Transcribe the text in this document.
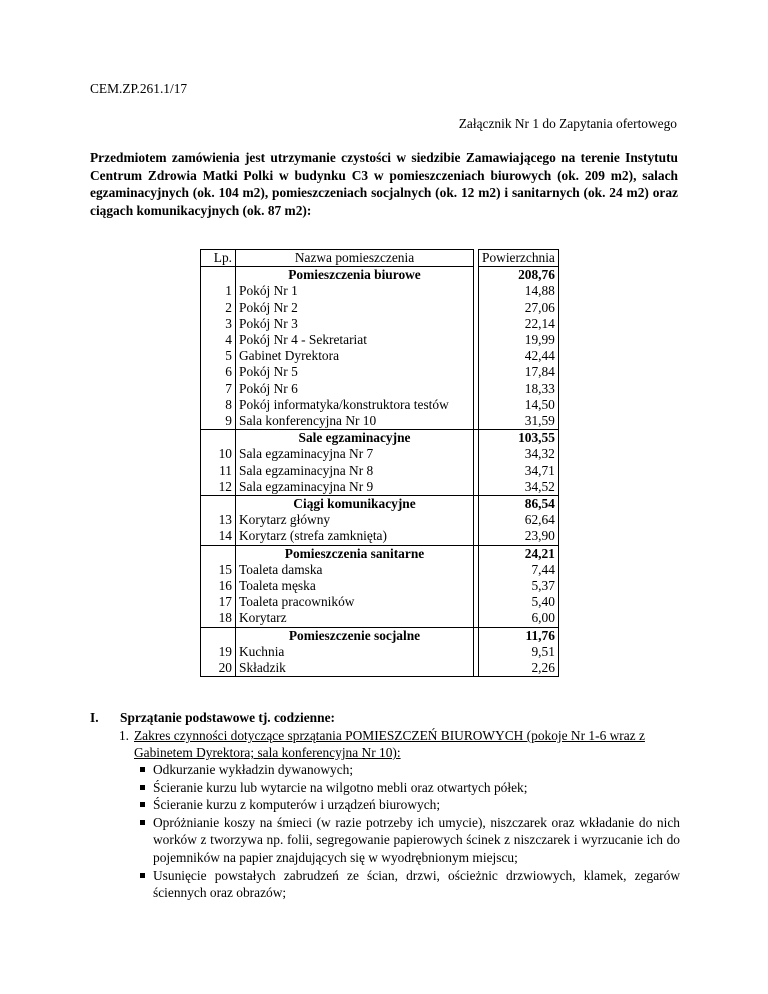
CEM.ZP.261.1/17
Załącznik Nr 1 do Zapytania ofertowego
Przedmiotem zamówienia jest utrzymanie czystości w siedzibie Zamawiającego na terenie Instytutu Centrum Zdrowia Matki Polki w budynku C3 w pomieszczeniach biurowych (ok. 209 m2), salach egzaminacyjnych (ok. 104 m2), pomieszczeniach socjalnych (ok. 12 m2) i sanitarnych (ok. 24 m2) oraz ciągach komunikacyjnych (ok. 87 m2):
Lp.	Nazwa pomieszczenia		Powierzchnia
	Pomieszczenia biurowe		208,76
1	Pokój Nr 1		14,88
2	Pokój Nr 2		27,06
3	Pokój Nr 3		22,14
4	Pokój Nr 4 - Sekretariat		19,99
5	Gabinet Dyrektora		42,44
6	Pokój Nr 5		17,84
7	Pokój Nr 6		18,33
8	Pokój informatyka/konstruktora testów		14,50
9	Sala konferencyjna Nr 10		31,59
	Sale egzaminacyjne		103,55
10	Sala egzaminacyjna Nr 7		34,32
11	Sala egzaminacyjna Nr 8		34,71
12	Sala egzaminacyjna Nr 9		34,52
	Ciągi komunikacyjne		86,54
13	Korytarz główny		62,64
14	Korytarz (strefa zamknięta)		23,90
	Pomieszczenia sanitarne		24,21
15	Toaleta damska		7,44
16	Toaleta męska		5,37
17	Toaleta pracowników		5,40
18	Korytarz		6,00
	Pomieszczenie socjalne		11,76
19	Kuchnia		9,51
20	Składzik		2,26
I.	Sprzątanie podstawowe tj. codzienne:
1. Zakres czynności dotyczące sprzątania POMIESZCZEŃ BIUROWYCH (pokoje Nr 1-6 wraz z Gabinetem Dyrektora; sala konferencyjna Nr 10):
Odkurzanie wykładzin dywanowych;
Ścieranie kurzu lub wytarcie na wilgotno mebli oraz otwartych półek;
Ścieranie kurzu z komputerów i urządzeń biurowych;
Opróżnianie koszy na śmieci (w razie potrzeby ich umycie), niszczarek oraz wkładanie do nich worków z tworzywa np. folii, segregowanie papierowych ścinek z niszczarek i wyrzucanie ich do pojemników na papier znajdujących się w wyodrębnionym miejscu;
Usunięcie powstałych zabrudzeń ze ścian, drzwi, ościeżnic drzwiowych, klamek, zegarów ściennych oraz obrazów;
